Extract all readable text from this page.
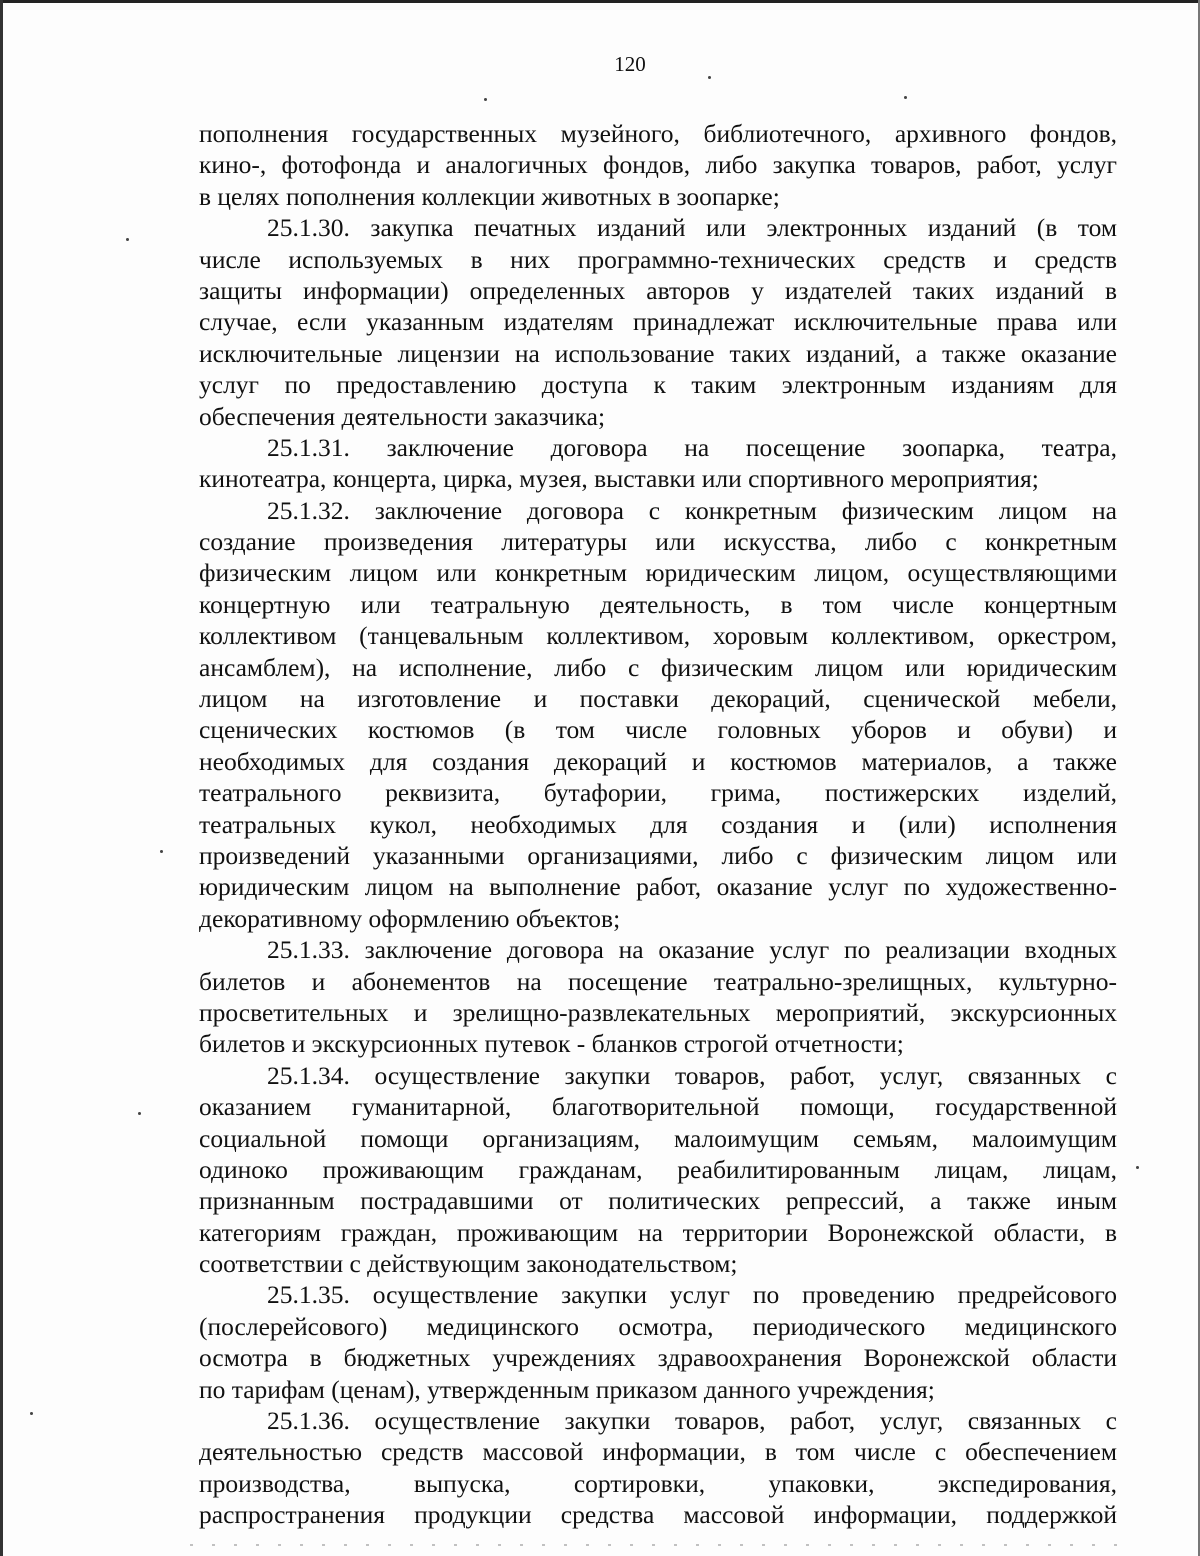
120
пополнения государственных музейного, библиотечного, архивного фондов,
кино-, фотофонда и аналогичных фондов, либо закупка товаров, работ, услуг
в целях пополнения коллекции животных в зоопарке;
25.1.30. закупка печатных изданий или электронных изданий (в том
числе используемых в них программно-технических средств и средств
защиты информации) определенных авторов у издателей таких изданий в
случае, если указанным издателям принадлежат исключительные права или
исключительные лицензии на использование таких изданий, а также оказание
услуг по предоставлению доступа к таким электронным изданиям для
обеспечения деятельности заказчика;
25.1.31. заключение договора на посещение зоопарка, театра,
кинотеатра, концерта, цирка, музея, выставки или спортивного мероприятия;
25.1.32. заключение договора с конкретным физическим лицом на
создание произведения литературы или искусства, либо с конкретным
физическим лицом или конкретным юридическим лицом, осуществляющими
концертную или театральную деятельность, в том числе концертным
коллективом (танцевальным коллективом, хоровым коллективом, оркестром,
ансамблем), на исполнение, либо с физическим лицом или юридическим
лицом на изготовление и поставки декораций, сценической мебели,
сценических костюмов (в том числе головных уборов и обуви) и
необходимых для создания декораций и костюмов материалов, а также
театрального реквизита, бутафории, грима, постижерских изделий,
театральных кукол, необходимых для создания и (или) исполнения
произведений указанными организациями, либо с физическим лицом или
юридическим лицом на выполнение работ, оказание услуг по художественно-
декоративному оформлению объектов;
25.1.33. заключение договора на оказание услуг по реализации входных
билетов и абонементов на посещение театрально-зрелищных, культурно-
просветительных и зрелищно-развлекательных мероприятий, экскурсионных
билетов и экскурсионных путевок - бланков строгой отчетности;
25.1.34. осуществление закупки товаров, работ, услуг, связанных с
оказанием гуманитарной, благотворительной помощи, государственной
социальной помощи организациям, малоимущим семьям, малоимущим
одиноко проживающим гражданам, реабилитированным лицам, лицам,
признанным пострадавшими от политических репрессий, а также иным
категориям граждан, проживающим на территории Воронежской области, в
соответствии с действующим законодательством;
25.1.35. осуществление закупки услуг по проведению предрейсового
(послерейсового) медицинского осмотра, периодического медицинского
осмотра в бюджетных учреждениях здравоохранения Воронежской области
по тарифам (ценам), утвержденным приказом данного учреждения;
25.1.36. осуществление закупки товаров, работ, услуг, связанных с
деятельностью средств массовой информации, в том числе с обеспечением
производства, выпуска, сортировки, упаковки, экспедирования,
распространения продукции средства массовой информации, поддержкой
